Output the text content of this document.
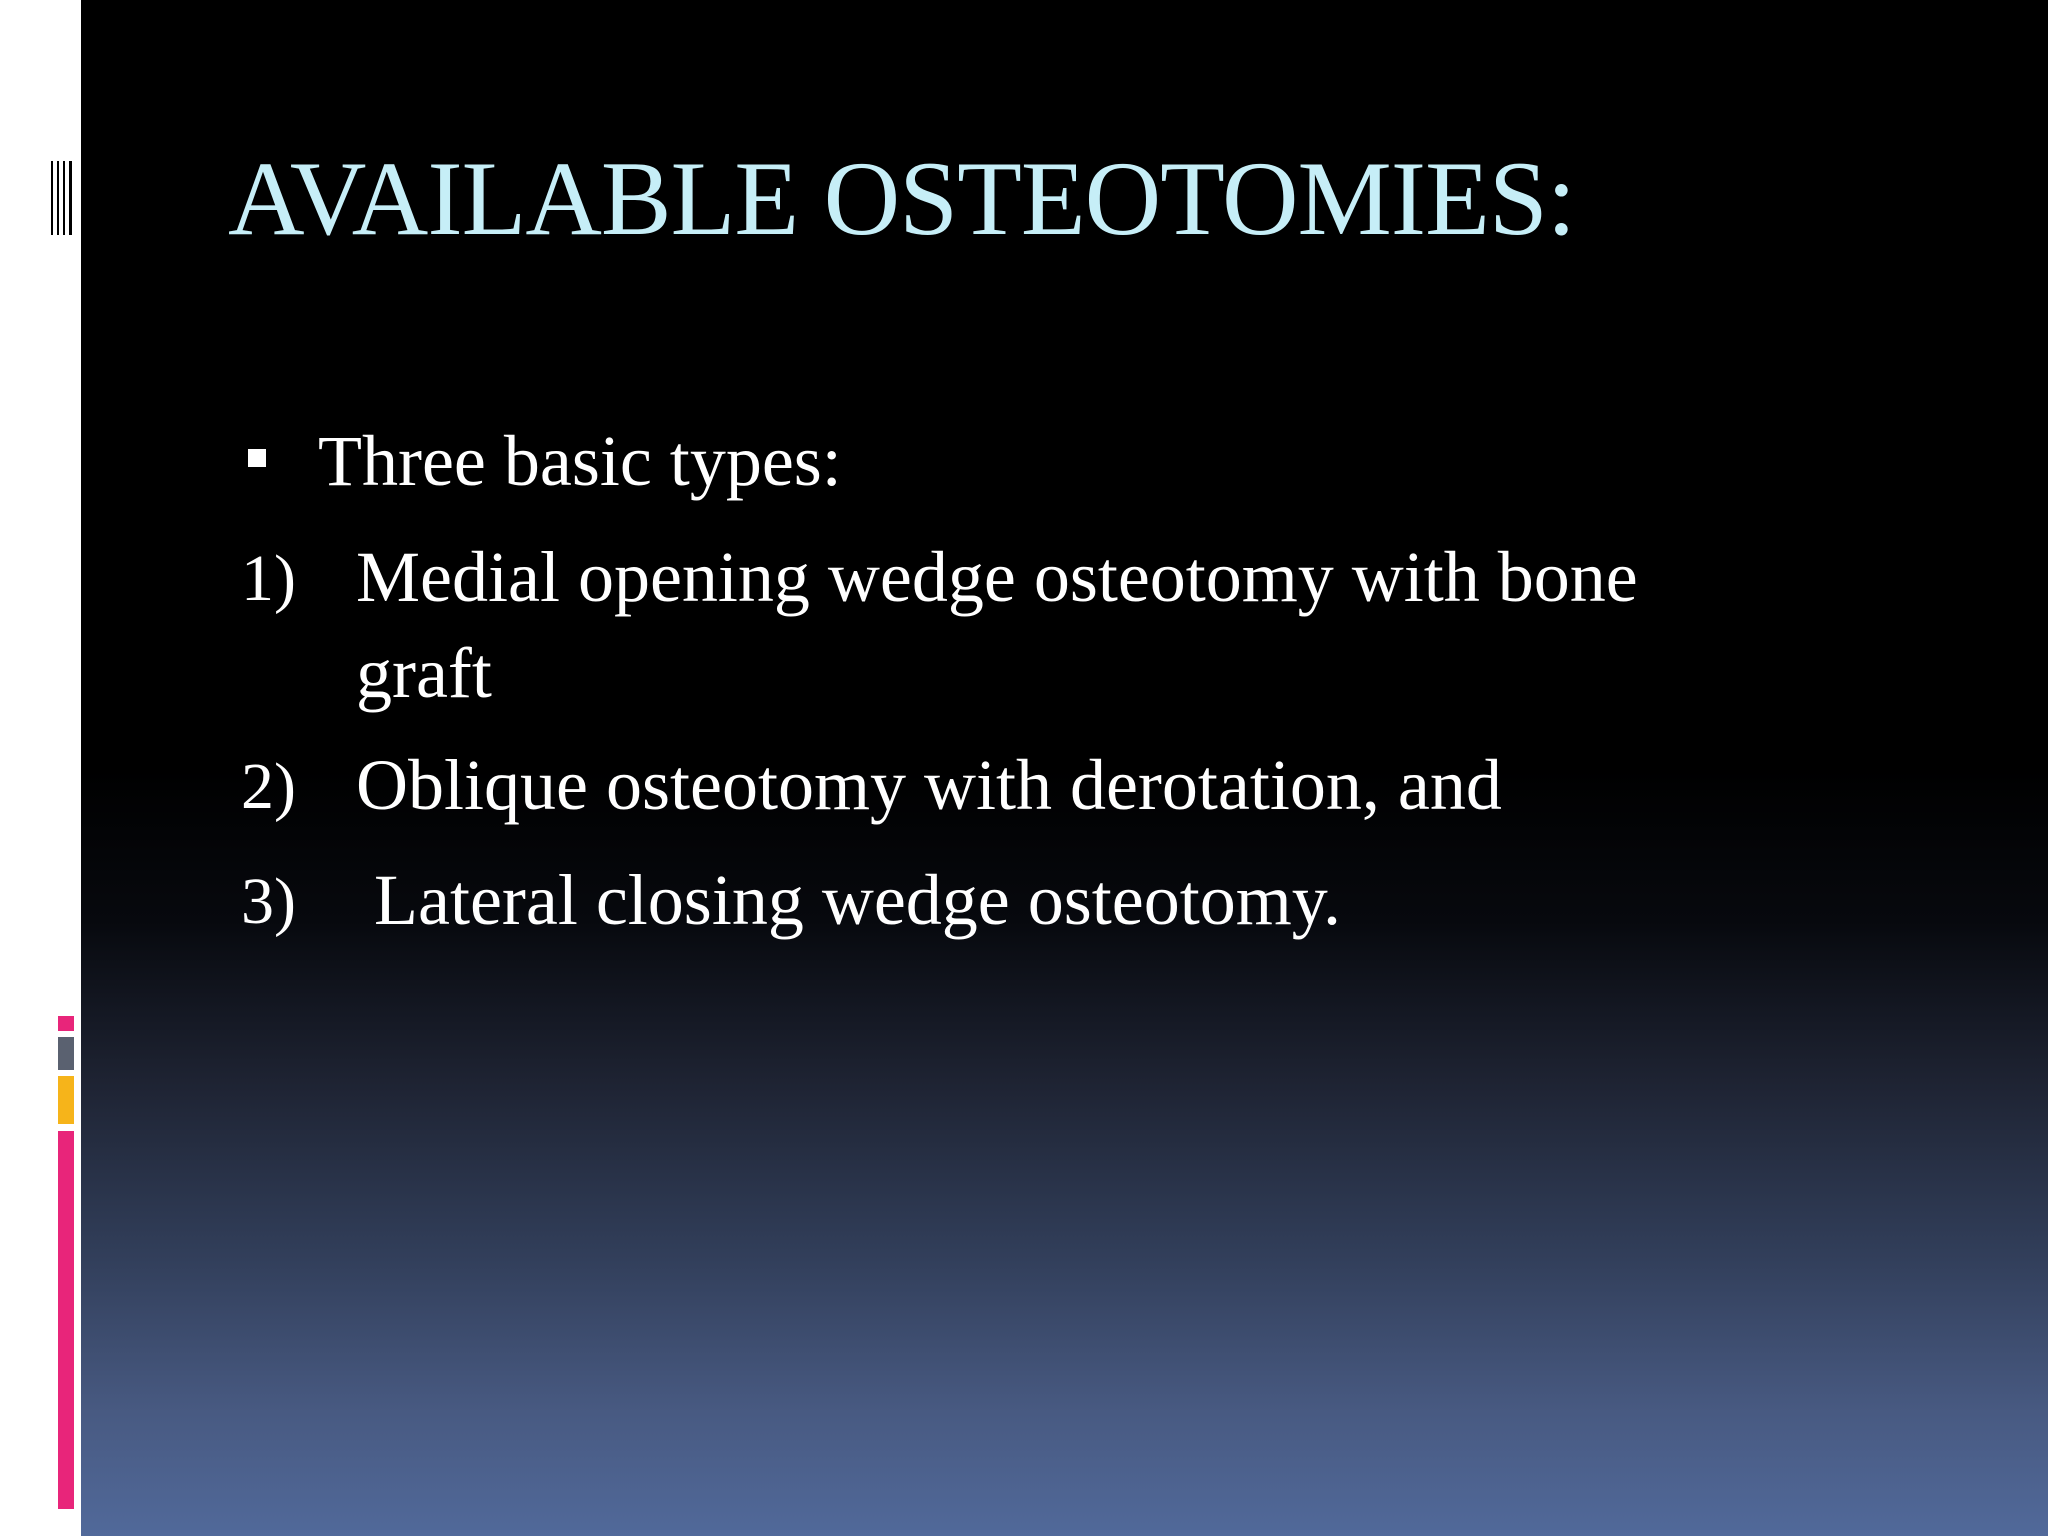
AVAILABLE OSTEOTOMIES:
Three basic types:
1) Medial opening wedge osteotomy with bone
graft
2) Oblique osteotomy with derotation, and
3) Lateral closing wedge osteotomy.
